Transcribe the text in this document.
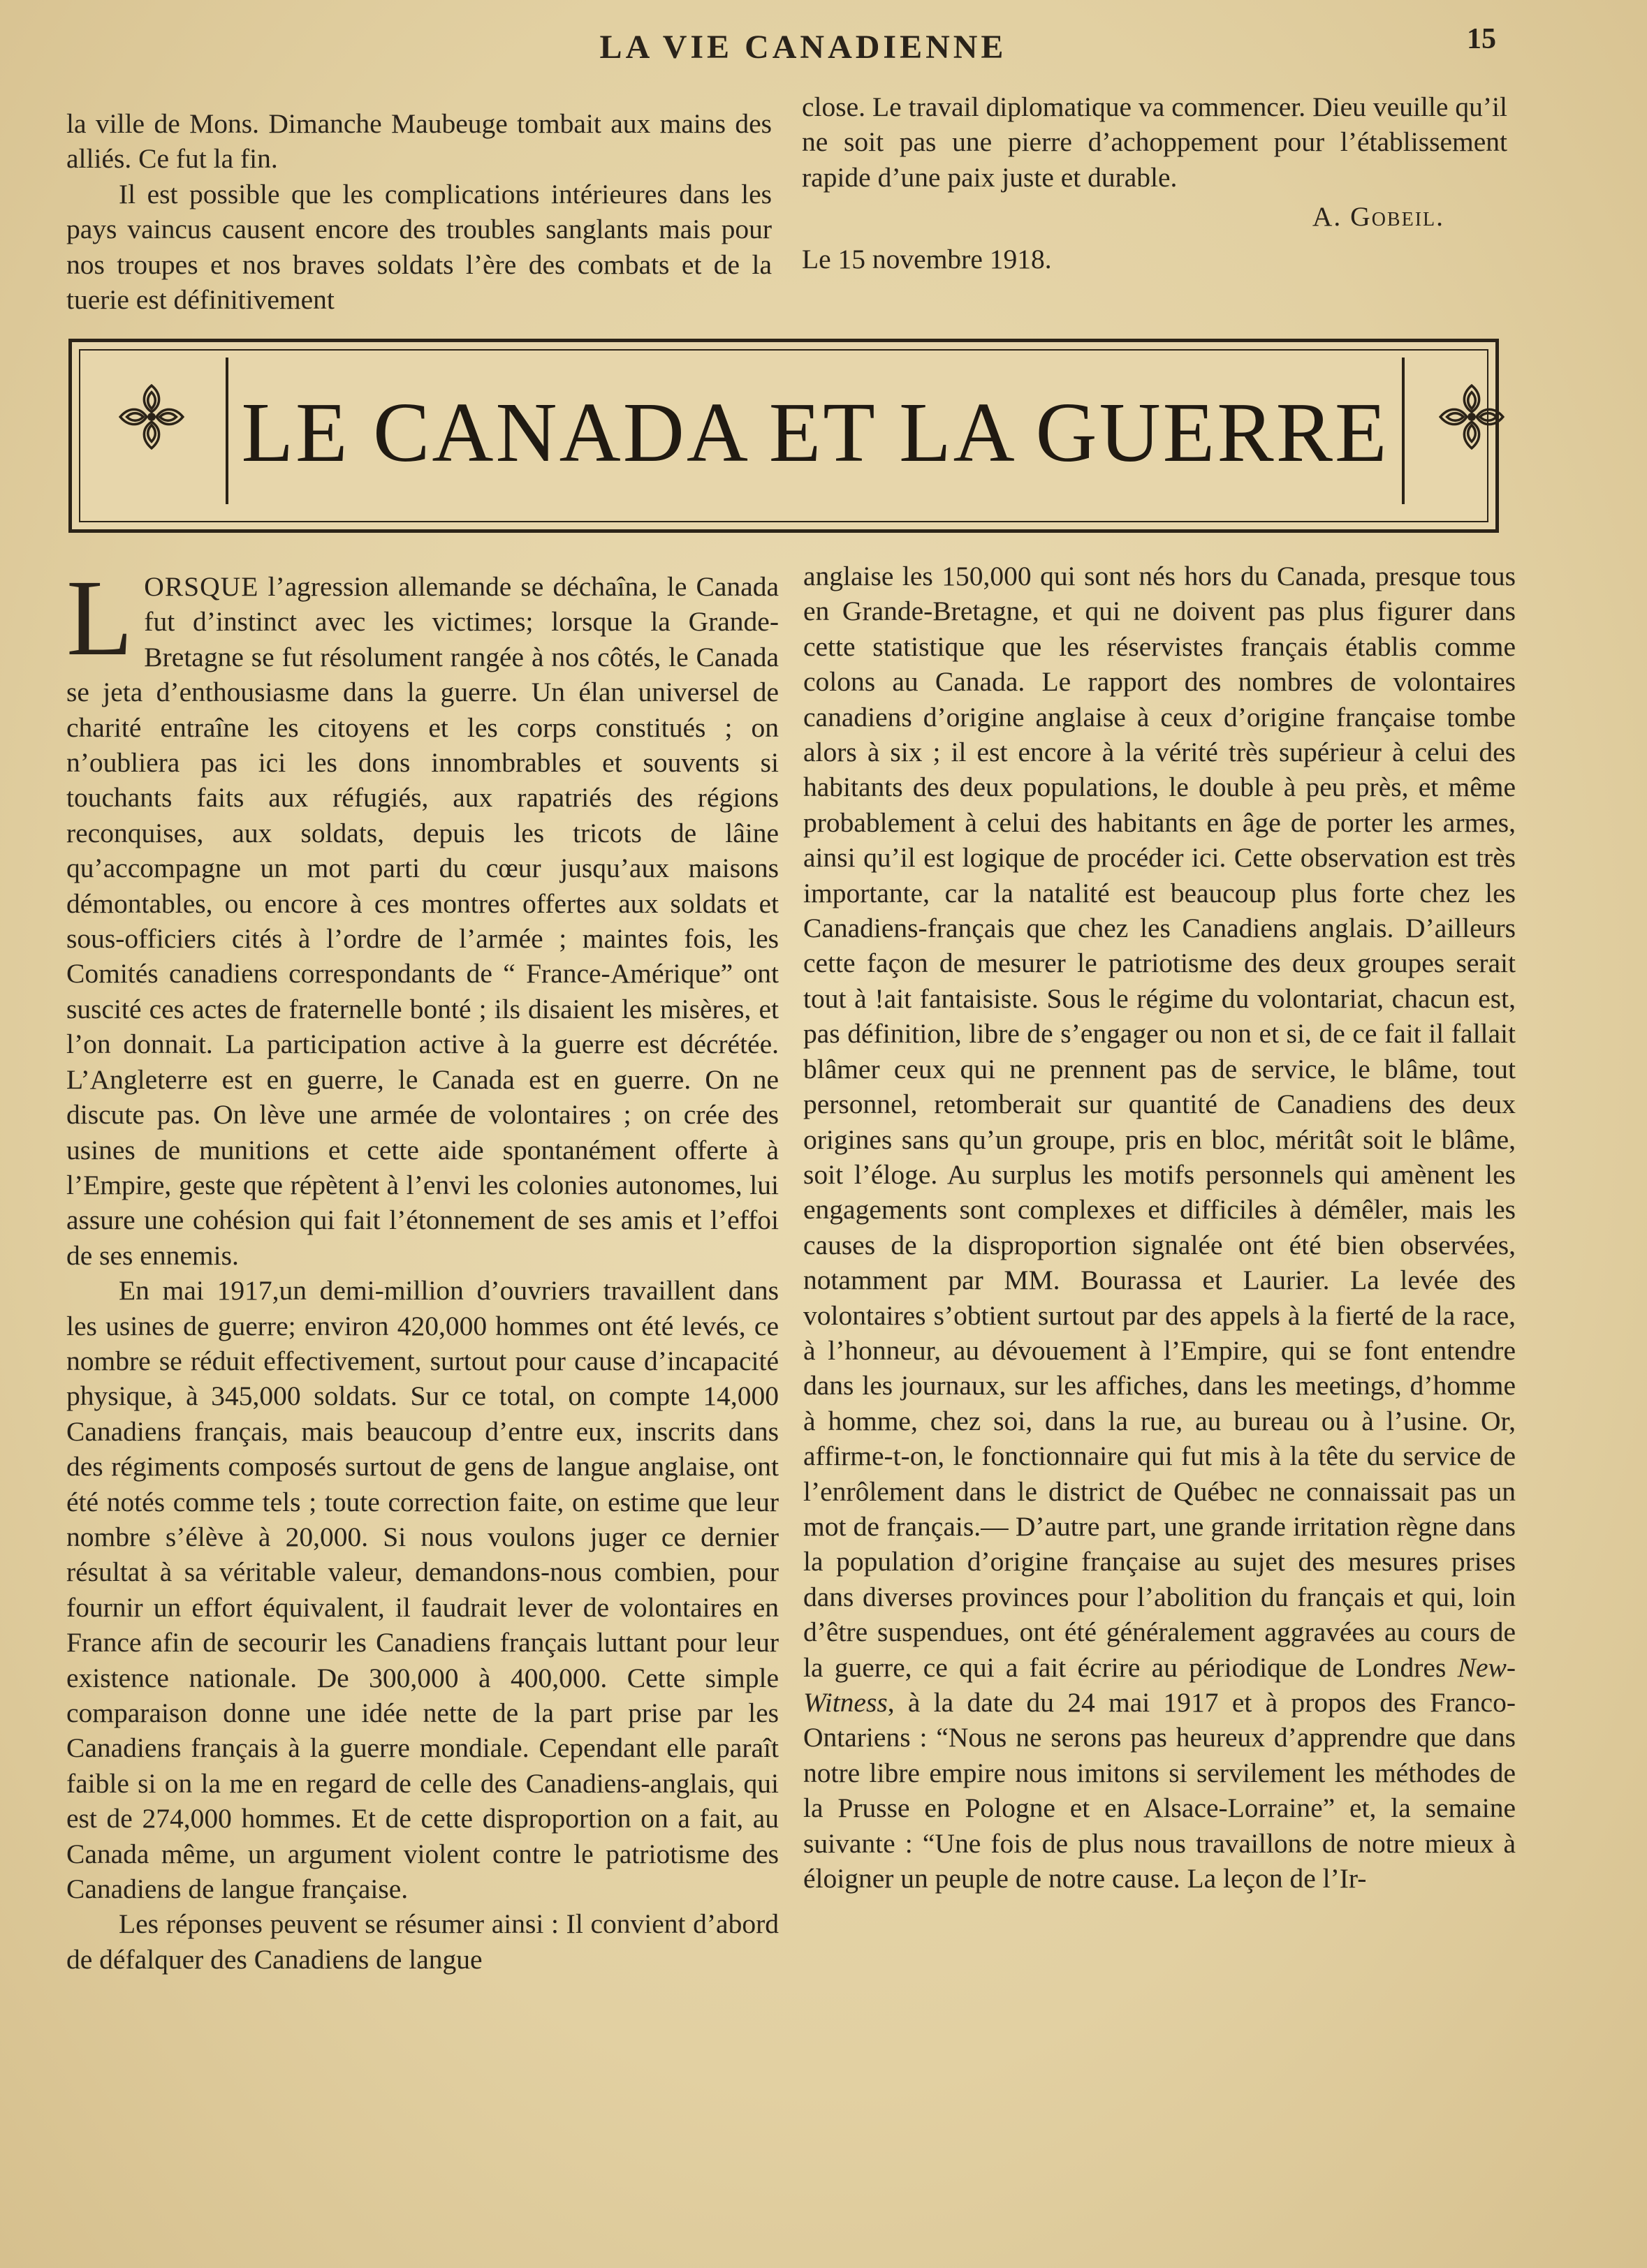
LA VIE CANADIENNE	15

la ville de Mons. Dimanche Maubeuge tombait aux mains des alliés. Ce fut la fin.

Il est possible que les complications intérieures dans les pays vaincus causent encore des troubles sanglants mais pour nos troupes et nos braves soldats l’ère des combats et de la tuerie est définitivement

close. Le travail diplomatique va commencer. Dieu veuille qu’il ne soit pas une pierre d’achoppement pour l’établissement rapide d’une paix juste et durable.

A. Gobeil.

Le 15 novembre 1918.

LE CANADA ET LA GUERRE

LORSQUE l’agression allemande se déchaîna, le Canada fut d’instinct avec les victimes; lorsque la Grande-Bretagne se fut résolument rangée à nos côtés, le Canada se jeta d’enthousiasme dans la guerre. Un élan universel de charité entraîne les citoyens et les corps constitués ; on n’oubliera pas ici les dons innombrables et souvents si touchants faits aux réfugiés, aux rapatriés des régions reconquises, aux soldats, depuis les tricots de lâine qu’accompagne un mot parti du cœur jusqu’aux maisons démontables, ou encore à ces montres offertes aux soldats et sous-officiers cités à l’ordre de l’armée ; maintes fois, les Comités canadiens correspondants de “ France-Amérique” ont suscité ces actes de fraternelle bonté ; ils disaient les misères, et l’on donnait. La participation active à la guerre est décrétée. L’Angleterre est en guerre, le Canada est en guerre. On ne discute pas. On lève une armée de volontaires ; on crée des usines de munitions et cette aide spontanément offerte à l’Empire, geste que répètent à l’envi les colonies autonomes, lui assure une cohésion qui fait l’étonnement de ses amis et l’effoi de ses ennemis.

En mai 1917,un demi-million d’ouvriers travaillent dans les usines de guerre; environ 420,000 hommes ont été levés, ce nombre se réduit effectivement, surtout pour cause d’incapacité physique, à 345,000 soldats. Sur ce total, on compte 14,000 Canadiens français, mais beaucoup d’entre eux, inscrits dans des régiments composés surtout de gens de langue anglaise, ont été notés comme tels ; toute correction faite, on estime que leur nombre s’élève à 20,000. Si nous voulons juger ce dernier résultat à sa véritable valeur, demandons-nous combien, pour fournir un effort équivalent, il faudrait lever de volontaires en France afin de secourir les Canadiens français luttant pour leur existence nationale. De 300,000 à 400,000. Cette simple comparaison donne une idée nette de la part prise par les Canadiens français à la guerre mondiale. Cependant elle paraît faible si on la me en regard de celle des Canadiens-anglais, qui est de 274,000 hommes. Et de cette disproportion on a fait, au Canada même, un argument violent contre le patriotisme des Canadiens de langue française.

Les réponses peuvent se résumer ainsi : Il convient d’abord de défalquer des Canadiens de langue

anglaise les 150,000 qui sont nés hors du Canada, presque tous en Grande-Bretagne, et qui ne doivent pas plus figurer dans cette statistique que les réservistes français établis comme colons au Canada. Le rapport des nombres de volontaires canadiens d’origine anglaise à ceux d’origine française tombe alors à six ; il est encore à la vérité très supérieur à celui des habitants des deux populations, le double à peu près, et même probablement à celui des habitants en âge de porter les armes, ainsi qu’il est logique de procéder ici. Cette observation est très importante, car la natalité est beaucoup plus forte chez les Canadiens-français que chez les Canadiens anglais. D’ailleurs cette façon de mesurer le patriotisme des deux groupes serait tout à !ait fantaisiste. Sous le régime du volontariat, chacun est, pas définition, libre de s’engager ou non et si, de ce fait il fallait blâmer ceux qui ne prennent pas de service, le blâme, tout personnel, retomberait sur quantité de Canadiens des deux origines sans qu’un groupe, pris en bloc, méritât soit le blâme, soit l’éloge. Au surplus les motifs personnels qui amènent les engagements sont complexes et difficiles à démêler, mais les causes de la disproportion signalée ont été bien observées, notamment par MM. Bourassa et Laurier. La levée des volontaires s’obtient surtout par des appels à la fierté de la race, à l’honneur, au dévouement à l’Empire, qui se font entendre dans les journaux, sur les affiches, dans les meetings, d’homme à homme, chez soi, dans la rue, au bureau ou à l’usine. Or, affirme-t-on, le fonctionnaire qui fut mis à la tête du service de l’enrôlement dans le district de Québec ne connaissait pas un mot de français.— D’autre part, une grande irritation règne dans la population d’origine française au sujet des mesures prises dans diverses provinces pour l’abolition du français et qui, loin d’être suspendues, ont été généralement aggravées au cours de la guerre, ce qui a fait écrire au périodique de Londres New-Witness, à la date du 24 mai 1917 et à propos des Franco-Ontariens : “Nous ne serons pas heureux d’apprendre que dans notre libre empire nous imitons si servilement les méthodes de la Prusse en Pologne et en Alsace-Lorraine” et, la semaine suivante : “Une fois de plus nous travaillons de notre mieux à éloigner un peuple de notre cause. La leçon de l’Ir-
